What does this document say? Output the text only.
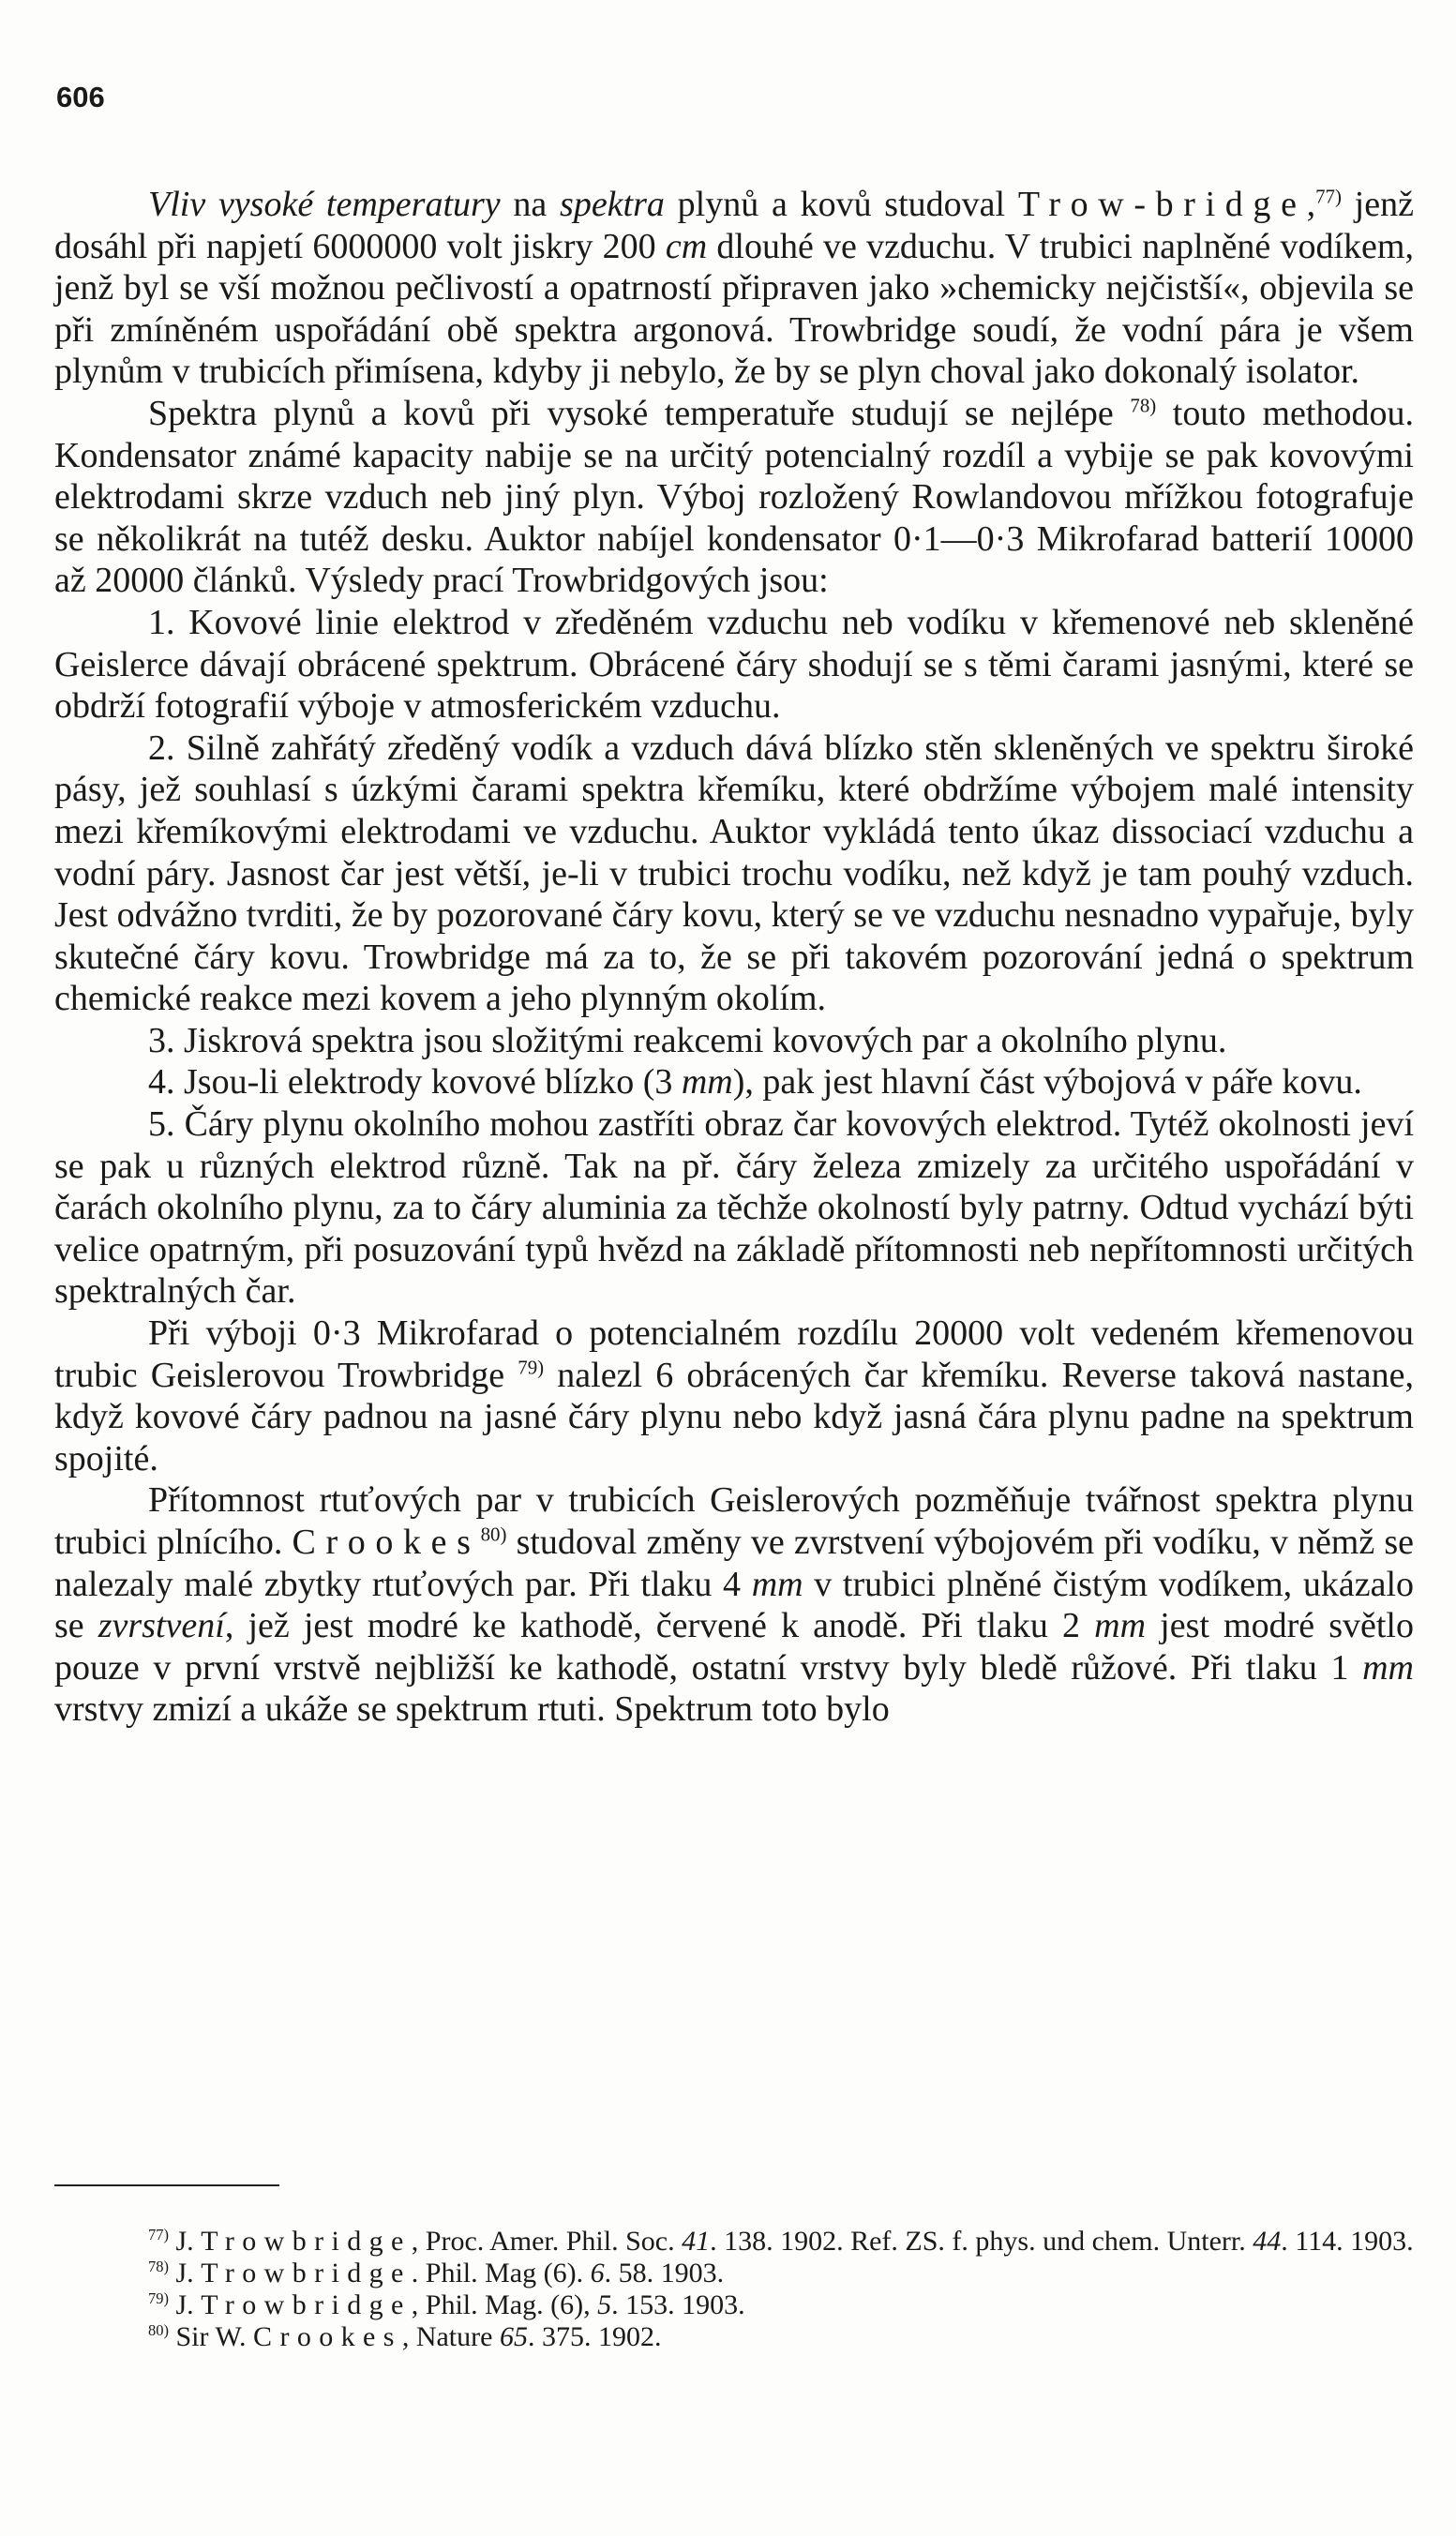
606

Vliv vysoké temperatury na spektra plynů a kovů studoval Trow-bridge,$^{77)}$ jenž dosáhl při napjetí 6000000 volt jiskry 200 cm dlouhé ve vzduchu. V trubici naplněné vodíkem, jenž byl se vší možnou pečlivostí a opatrností připraven jako »chemicky nejčistší«, objevila se při zmíněném uspořádání obě spektra argonová. Trowbridge soudí, že vodní pára je všem plynům v trubicích přimísena, kdyby ji nebylo, že by se plyn choval jako dokonalý isolator.

Spektra plynů a kovů při vysoké temperatuře studují se nejlépe $^{78)}$ touto methodou. Kondensator známé kapacity nabije se na určitý potencialný rozdíl a vybije se pak kovovými elektrodami skrze vzduch neb jiný plyn. Výboj rozložený Rowlandovou mřížkou fotografuje se několikrát na tutéž desku. Auktor nabíjel kondensator 0·1—0·3 Mikrofarad batterií 10000 až 20000 článků. Výsledy prací Trowbridgových jsou:

1. Kovové linie elektrod v zředěném vzduchu neb vodíku v křemenové neb skleněné Geislerce dávají obrácené spektrum. Obrácené čáry shodují se s těmi čarami jasnými, které se obdrží fotografií výboje v atmosferickém vzduchu.

2. Silně zahřátý zředěný vodík a vzduch dává blízko stěn skleněných ve spektru široké pásy, jež souhlasí s úzkými čarami spektra křemíku, které obdržíme výbojem malé intensity mezi křemíkovými elektrodami ve vzduchu. Auktor vykládá tento úkaz dissociací vzduchu a vodní páry. Jasnost čar jest větší, je-li v trubici trochu vodíku, než když je tam pouhý vzduch. Jest odvážno tvrditi, že by pozorované čáry kovu, který se ve vzduchu nesnadno vypařuje, byly skutečné čáry kovu. Trowbridge má za to, že se při takovém pozorování jedná o spektrum chemické reakce mezi kovem a jeho plynným okolím.

3. Jiskrová spektra jsou složitými reakcemi kovových par a okolního plynu.

4. Jsou-li elektrody kovové blízko (3 mm), pak jest hlavní část výbojová v páře kovu.

5. Čáry plynu okolního mohou zastříti obraz čar kovových elektrod. Tytéž okolnosti jeví se pak u různých elektrod různě. Tak na př. čáry železa zmizely za určitého uspořádání v čarách okolního plynu, za to čáry aluminia za těchže okolností byly patrny. Odtud vychází býti velice opatrným, při posuzování typů hvězd na základě přítomnosti neb nepřítomnosti určitých spektralných čar.

Při výboji 0·3 Mikrofarad o potencialném rozdílu 20000 volt vedeném křemenovou trubic Geislerovou Trowbridge $^{79)}$ nalezl 6 obrácených čar křemíku. Reverse taková nastane, když kovové čáry padnou na jasné čáry plynu nebo když jasná čára plynu padne na spektrum spojité.

Přítomnost rtuťových par v trubicích Geislerových pozměňuje tvářnost spektra plynu trubici plnícího. Crookes$^{80)}$ studoval změny ve zvrstvení výbojovém při vodíku, v němž se nalezaly malé zbytky rtuťových par. Při tlaku 4 mm v trubici plněné čistým vodíkem, ukázalo se zvrstvení, jež jest modré ke kathodě, červené k anodě. Při tlaku 2 mm jest modré světlo pouze v první vrstvě nejbližší ke kathodě, ostatní vrstvy byly bledě růžové. Při tlaku 1 mm vrstvy zmizí a ukáže se spektrum rtuti. Spektrum toto bylo

$^{77)}$ J. Trowbridge, Proc. Amer. Phil. Soc. 41. 138. 1902. Ref. ZS. f. phys. und chem. Unterr. 44. 114. 1903.

$^{78)}$ J. Trowbridge. Phil. Mag (6). 6. 58. 1903.

$^{79)}$ J. Trowbridge, Phil. Mag. (6), 5. 153. 1903.

$^{80)}$ Sir W. Crookes, Nature 65. 375. 1902.
